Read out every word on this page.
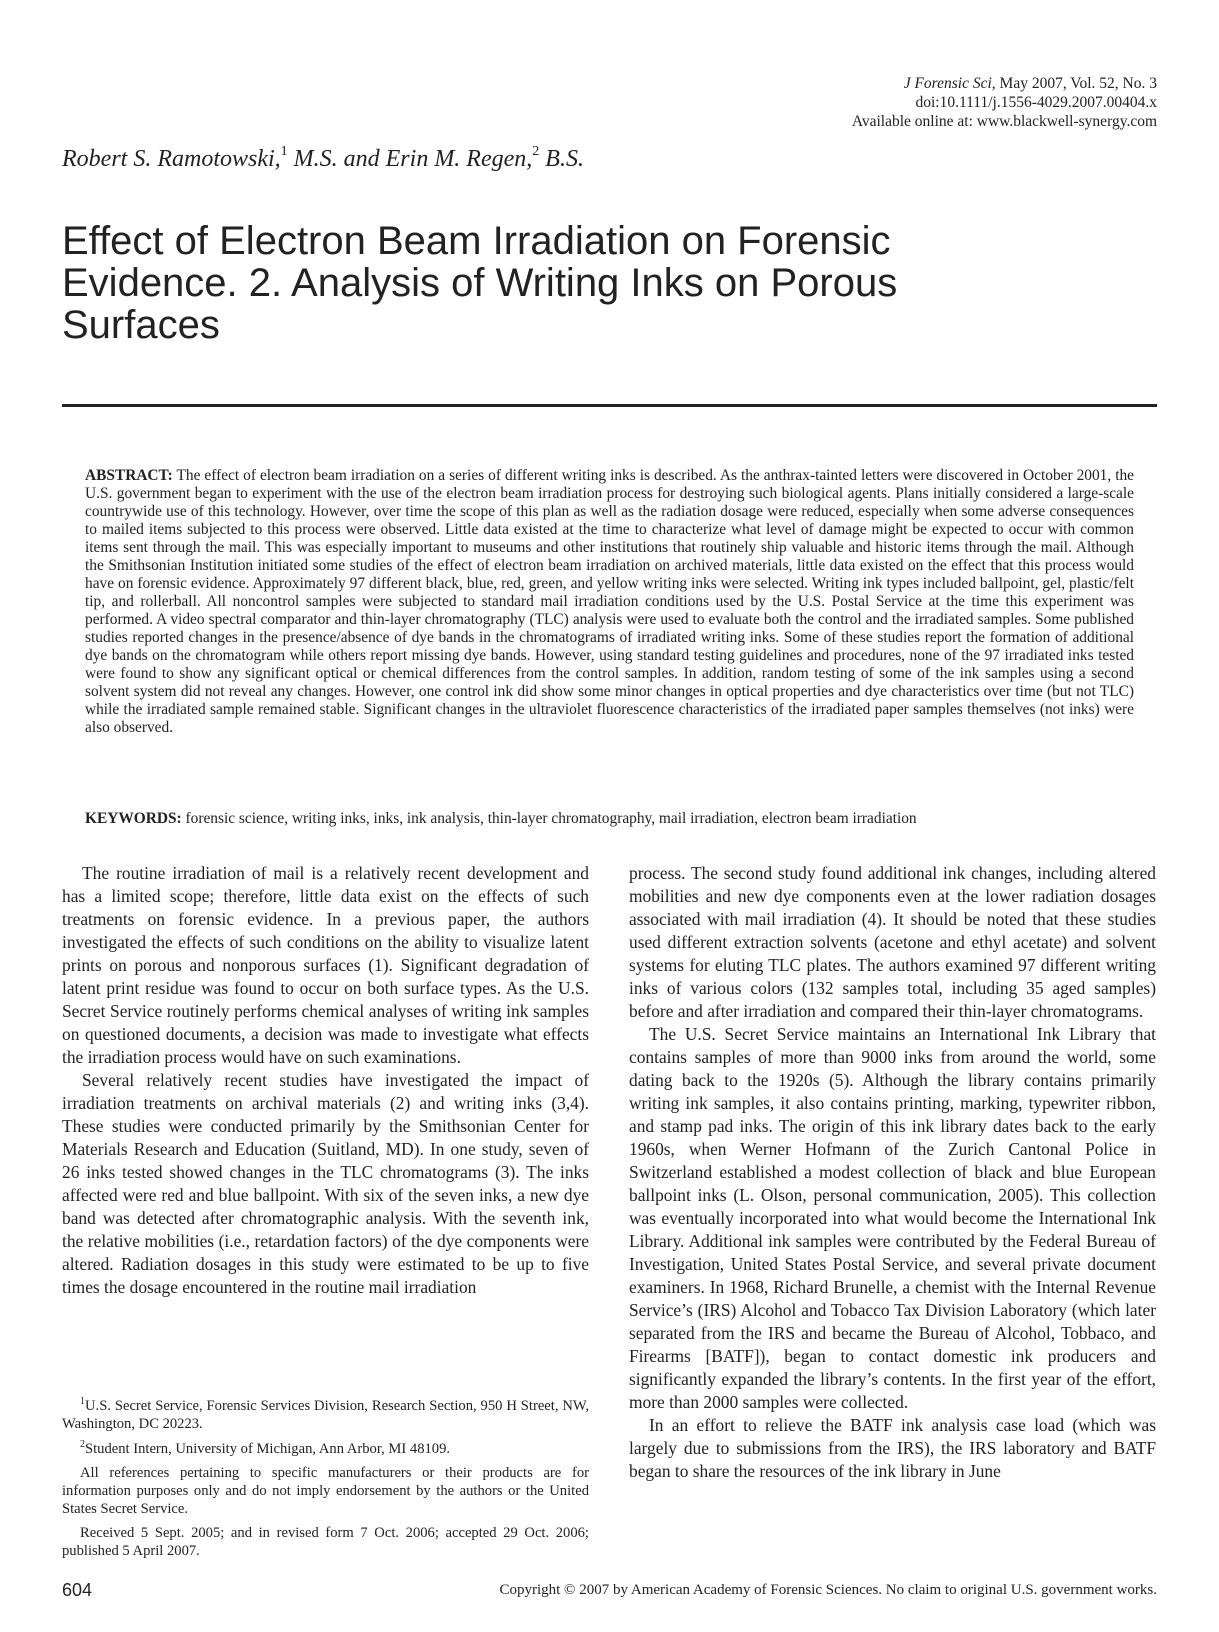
J Forensic Sci, May 2007, Vol. 52, No. 3
doi:10.1111/j.1556-4029.2007.00404.x
Available online at: www.blackwell-synergy.com
Robert S. Ramotowski,$^1$ M.S. and Erin M. Regen,$^2$ B.S.
Effect of Electron Beam Irradiation on Forensic Evidence. 2. Analysis of Writing Inks on Porous Surfaces
ABSTRACT: The effect of electron beam irradiation on a series of different writing inks is described. As the anthrax-tainted letters were discovered in October 2001, the U.S. government began to experiment with the use of the electron beam irradiation process for destroying such biological agents. Plans initially considered a large-scale countrywide use of this technology. However, over time the scope of this plan as well as the radiation dosage were reduced, especially when some adverse consequences to mailed items subjected to this process were observed. Little data existed at the time to characterize what level of damage might be expected to occur with common items sent through the mail. This was especially important to museums and other institutions that routinely ship valuable and historic items through the mail. Although the Smithsonian Institution initiated some studies of the effect of electron beam irradiation on archived materials, little data existed on the effect that this process would have on forensic evidence. Approximately 97 different black, blue, red, green, and yellow writing inks were selected. Writing ink types included ballpoint, gel, plastic/felt tip, and rollerball. All noncontrol samples were subjected to standard mail irradiation conditions used by the U.S. Postal Service at the time this experiment was performed. A video spectral comparator and thin-layer chromatography (TLC) analysis were used to evaluate both the control and the irradiated samples. Some published studies reported changes in the presence/absence of dye bands in the chromatograms of irradiated writing inks. Some of these studies report the formation of additional dye bands on the chromatogram while others report missing dye bands. However, using standard testing guidelines and procedures, none of the 97 irradiated inks tested were found to show any significant optical or chemical differences from the control samples. In addition, random testing of some of the ink samples using a second solvent system did not reveal any changes. However, one control ink did show some minor changes in optical properties and dye characteristics over time (but not TLC) while the irradiated sample remained stable. Significant changes in the ultraviolet fluorescence characteristics of the irradiated paper samples themselves (not inks) were also observed.
KEYWORDS: forensic science, writing inks, inks, ink analysis, thin-layer chromatography, mail irradiation, electron beam irradiation

The routine irradiation of mail is a relatively recent development and has a limited scope; therefore, little data exist on the effects of such treatments on forensic evidence. In a previous paper, the authors investigated the effects of such conditions on the ability to visualize latent prints on porous and nonporous surfaces (1). Significant degradation of latent print residue was found to occur on both surface types. As the U.S. Secret Service routinely performs chemical analyses of writing ink samples on questioned documents, a decision was made to investigate what effects the irradiation process would have on such examinations.

Several relatively recent studies have investigated the impact of irradiation treatments on archival materials (2) and writing inks (3,4). These studies were conducted primarily by the Smithsonian Center for Materials Research and Education (Suitland, MD). In one study, seven of 26 inks tested showed changes in the TLC chromatograms (3). The inks affected were red and blue ballpoint. With six of the seven inks, a new dye band was detected after chromatographic analysis. With the seventh ink, the relative mobilities (i.e., retardation factors) of the dye components were altered. Radiation dosages in this study were estimated to be up to five times the dosage encountered in the routine mail irradiation

process. The second study found additional ink changes, including altered mobilities and new dye components even at the lower radiation dosages associated with mail irradiation (4). It should be noted that these studies used different extraction solvents (acetone and ethyl acetate) and solvent systems for eluting TLC plates. The authors examined 97 different writing inks of various colors (132 samples total, including 35 aged samples) before and after irradiation and compared their thin-layer chromatograms.

The U.S. Secret Service maintains an International Ink Library that contains samples of more than 9000 inks from around the world, some dating back to the 1920s (5). Although the library contains primarily writing ink samples, it also contains printing, marking, typewriter ribbon, and stamp pad inks. The origin of this ink library dates back to the early 1960s, when Werner Hofmann of the Zurich Cantonal Police in Switzerland established a modest collection of black and blue European ballpoint inks (L. Olson, personal communication, 2005). This collection was eventually incorporated into what would become the International Ink Library. Additional ink samples were contributed by the Federal Bureau of Investigation, United States Postal Service, and several private document examiners. In 1968, Richard Brunelle, a chemist with the Internal Revenue Service’s (IRS) Alcohol and Tobacco Tax Division Laboratory (which later separated from the IRS and became the Bureau of Alcohol, Tobbaco, and Firearms [BATF]), began to contact domestic ink producers and significantly expanded the library’s contents. In the first year of the effort, more than 2000 samples were collected.

In an effort to relieve the BATF ink analysis case load (which was largely due to submissions from the IRS), the IRS laboratory and BATF began to share the resources of the ink library in June

$^1$U.S. Secret Service, Forensic Services Division, Research Section, 950 H Street, NW, Washington, DC 20223.

$^2$Student Intern, University of Michigan, Ann Arbor, MI 48109.

All references pertaining to specific manufacturers or their products are for information purposes only and do not imply endorsement by the authors or the United States Secret Service.

Received 5 Sept. 2005; and in revised form 7 Oct. 2006; accepted 29 Oct. 2006; published 5 April 2007.

604	Copyright © 2007 by American Academy of Forensic Sciences. No claim to original U.S. government works.
